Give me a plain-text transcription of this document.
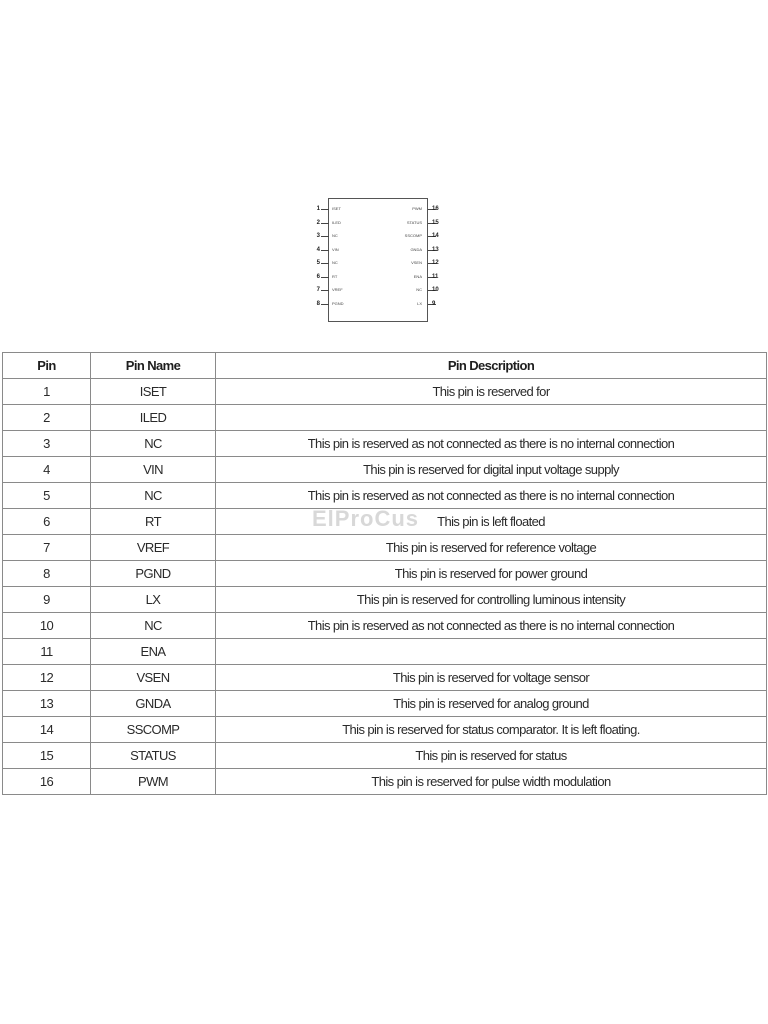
1	ISET
2	ILED
3	NC
4	VIN
5	NC
6	RT
7	VREF
8	PGND
PWM 16
STATUS 15
SSCOMP 14
GNDA 13
VSEN 12
ENA 11
NC 10
LX 9
ElProCus
Pin	Pin Name	Pin Description
1	ISET	This pin is reserved for
2	ILED	
3	NC	This pin is reserved as not connected as there is no internal connection
4	VIN	This pin is reserved for digital input voltage supply
5	NC	This pin is reserved as not connected as there is no internal connection
6	RT	This pin is left floated
7	VREF	This pin is reserved for reference voltage
8	PGND	This pin is reserved for power ground
9	LX	This pin is reserved for controlling luminous intensity
10	NC	This pin is reserved as not connected as there is no internal connection
11	ENA	
12	VSEN	This pin is reserved for voltage sensor
13	GNDA	This pin is reserved for analog ground
14	SSCOMP	This pin is reserved for status comparator. It is left floating.
15	STATUS	This pin is reserved for status
16	PWM	This pin is reserved for pulse width modulation
